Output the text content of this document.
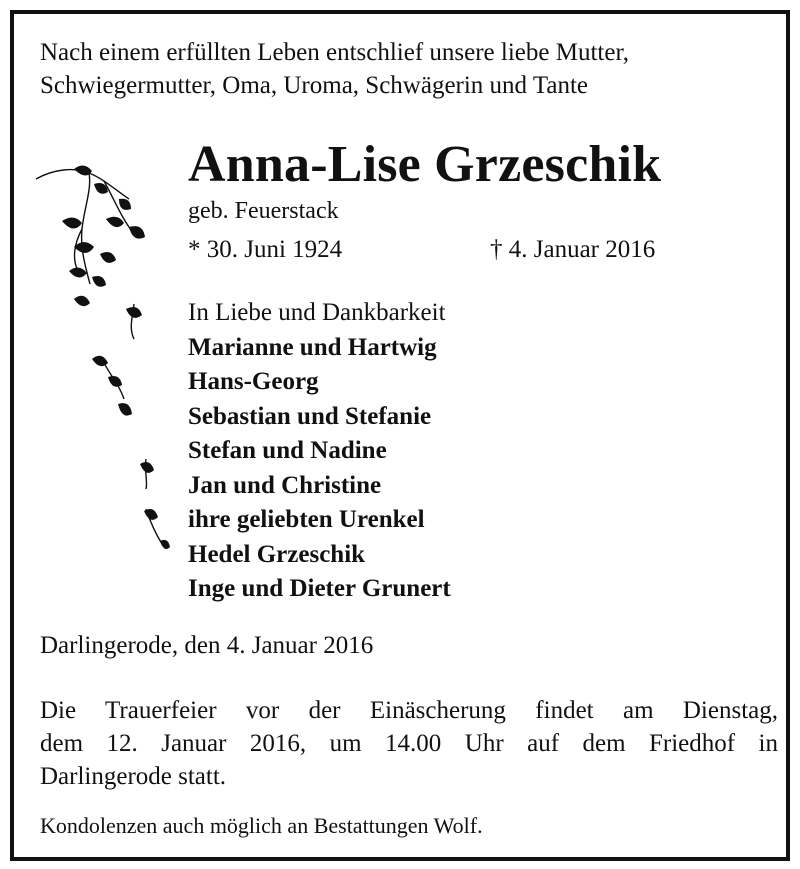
Nach einem erfüllten Leben entschlief unsere liebe Mutter,
Schwiegermutter, Oma, Uroma, Schwägerin und Tante
Anna-Lise Grzeschik
geb. Feuerstack
* 30. Juni 1924	† 4. Januar 2016
In Liebe und Dankbarkeit
Marianne und Hartwig
Hans-Georg
Sebastian und Stefanie
Stefan und Nadine
Jan und Christine
ihre geliebten Urenkel
Hedel Grzeschik
Inge und Dieter Grunert
Darlingerode, den 4. Januar 2016
Die Trauerfeier vor der Einäscherung findet am Dienstag,
dem 12. Januar 2016, um 14.00 Uhr auf dem Friedhof in
Darlingerode statt.
Kondolenzen auch möglich an Bestattungen Wolf.
